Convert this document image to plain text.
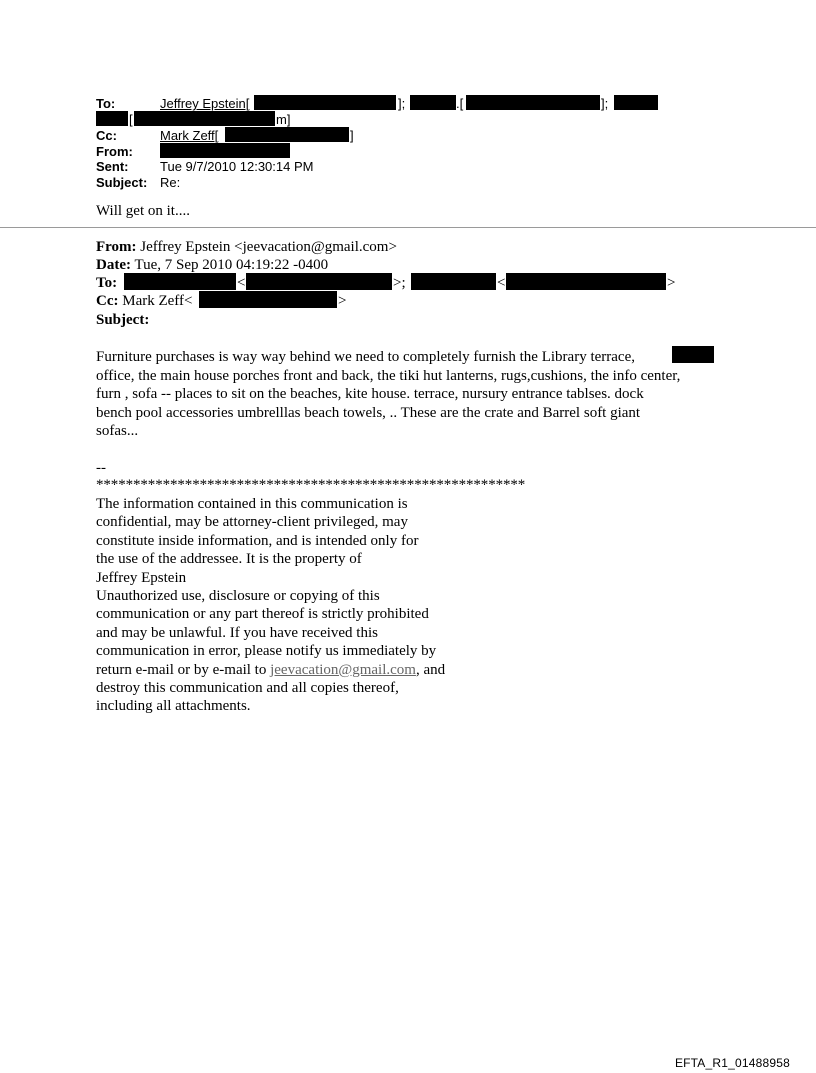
To:	Jeffrey Epstein[	];	.[	];
[	m]
Cc:	Mark Zeff[	]
From:
Sent: Tue 9/7/2010 12:30:14 PM
Subject: Re:
Will get on it....
From: Jeffrey Epstein <jeevacation@gmail.com>
Date: Tue, 7 Sep 2010 04:19:22 -0400
To:	<	>;	<	>
Cc: Mark Zeff<	>
Subject:
Furniture purchases is way way behind we need to completely furnish the Library terrace,
office, the main house porches front and back, the tiki hut lanterns, rugs,cushions, the info center,
furn , sofa -- places to sit on the beaches, kite house. terrace, nursury entrance tablses. dock
bench pool accessories umbrelllas beach towels, .. These are the crate and Barrel soft giant
sofas...
--
**********************************************************
The information contained in this communication is
confidential, may be attorney-client privileged, may
constitute inside information, and is intended only for
the use of the addressee. It is the property of
Jeffrey Epstein
Unauthorized use, disclosure or copying of this
communication or any part thereof is strictly prohibited
and may be unlawful. If you have received this
communication in error, please notify us immediately by
return e-mail or by e-mail to jeevacation@gmail.com, and
destroy this communication and all copies thereof,
including all attachments.
EFTA_R1_01488958
